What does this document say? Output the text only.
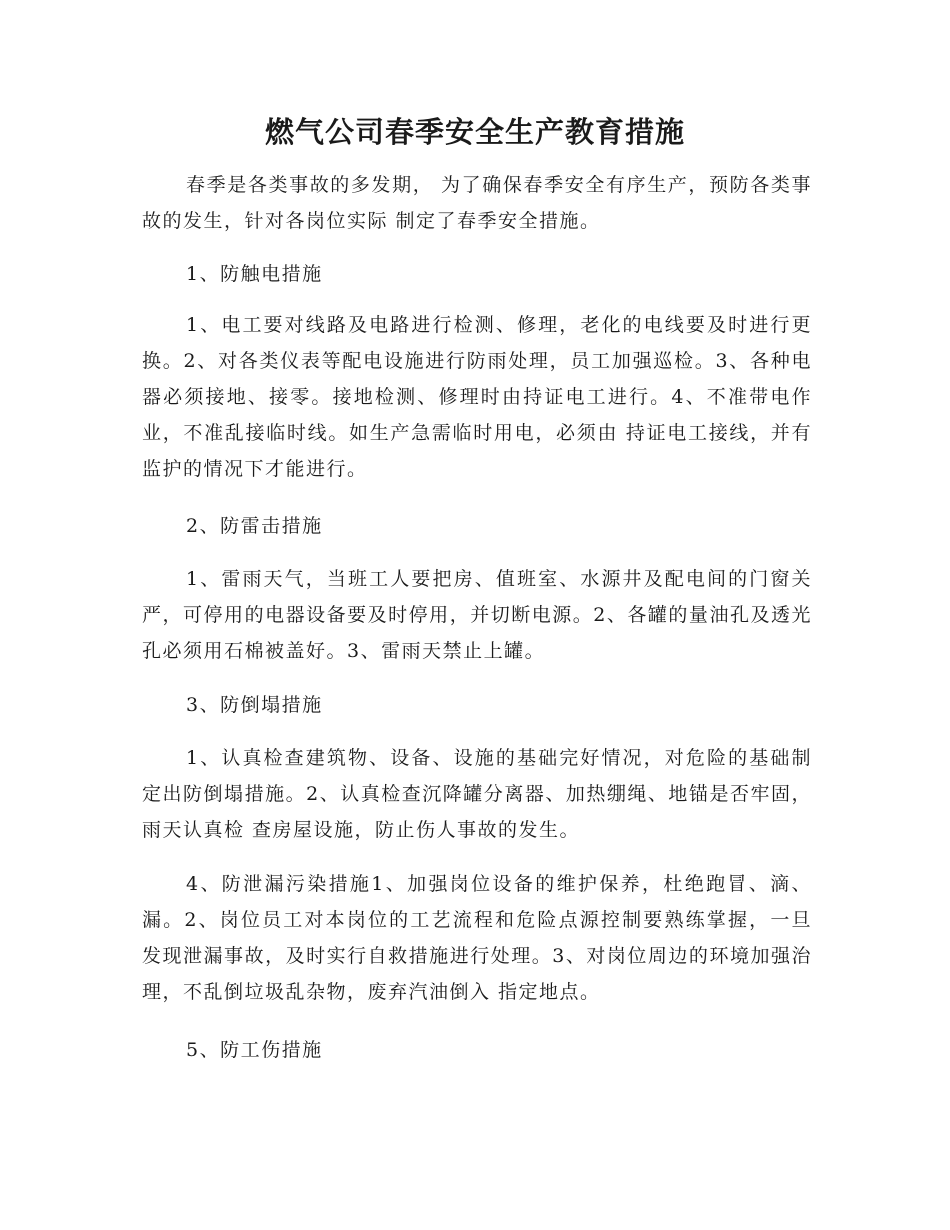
燃气公司春季安全生产教育措施

春季是各类事故的多发期， 为了确保春季安全有序生产，预防各类事故的发生，针对各岗位实际 制定了春季安全措施。

1、防触电措施

1、电工要对线路及电路进行检测、修理，老化的电线要及时进行更换。2、对各类仪表等配电设施进行防雨处理，员工加强巡检。3、各种电器必须接地、接零。接地检测、修理时由持证电工进行。4、不准带电作业，不准乱接临时线。如生产急需临时用电，必须由 持证电工接线，并有监护的情况下才能进行。

2、防雷击措施

1、雷雨天气，当班工人要把房、值班室、水源井及配电间的门窗关 严，可停用的电器设备要及时停用，并切断电源。2、各罐的量油孔及透光孔必须用石棉被盖好。3、雷雨天禁止上罐。

3、防倒塌措施

1、认真检查建筑物、设备、设施的基础完好情况，对危险的基础制 定出防倒塌措施。2、认真检查沉降罐分离器、加热绷绳、地锚是否牢固，雨天认真检 查房屋设施，防止伤人事故的发生。

4、防泄漏污染措施1、加强岗位设备的维护保养，杜绝跑冒、滴、漏。2、岗位员工对本岗位的工艺流程和危险点源控制要熟练掌握，一旦 发现泄漏事故，及时实行自救措施进行处理。3、对岗位周边的环境加强治理，不乱倒垃圾乱杂物，废弃汽油倒入 指定地点。

5、防工伤措施
